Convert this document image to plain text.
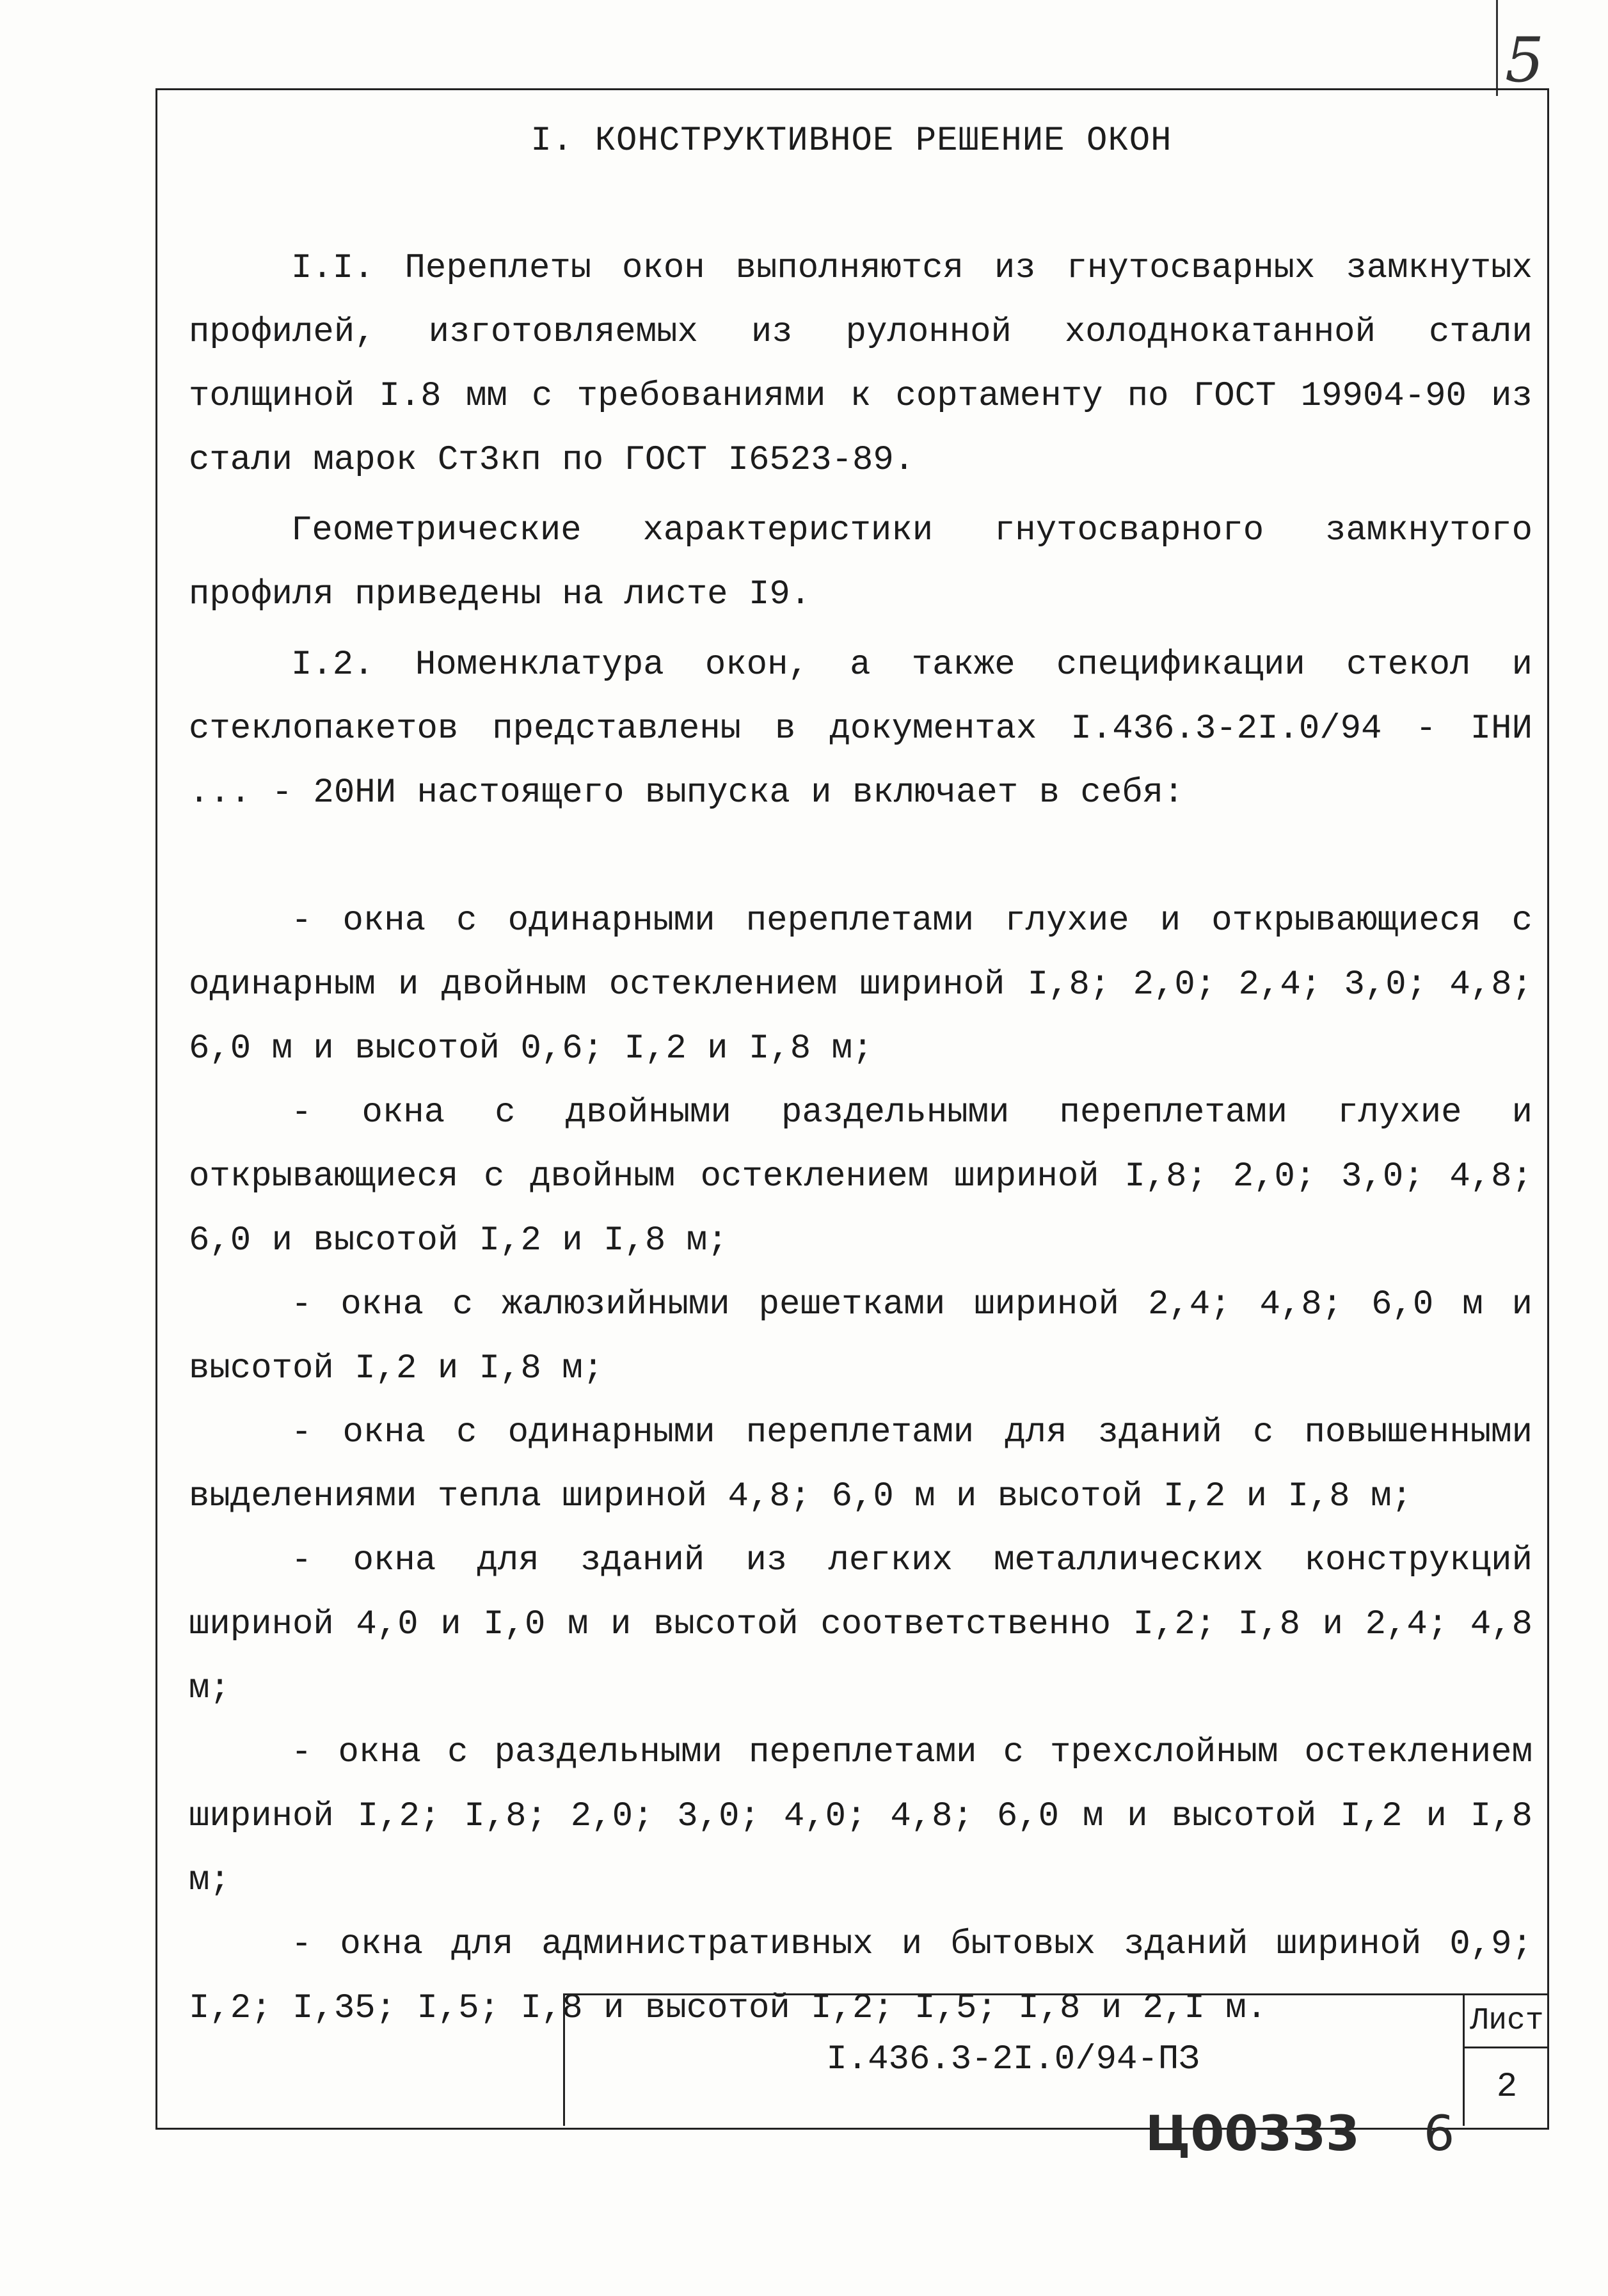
5
I. КОНСТРУКТИВНОЕ РЕШЕНИЕ ОКОН

I.I. Переплеты окон выполняются из гнутосварных замкнутых профилей, изготовляемых из рулонной холоднокатанной стали толщиной I.8 мм с требованиями к сортаменту по ГОСТ 19904-90 из стали марок Ст3кп по ГОСТ I6523-89.

Геометрические характеристики гнутосварного замкнутого профиля приведены на листе I9.

I.2. Номенклатура окон, а также спецификации стекол и стеклопакетов представлены в документах I.436.3-2I.0/94 - IНИ ... - 20НИ настоящего выпуска и включает в себя:

- окна с одинарными переплетами глухие и открывающиеся с одинарным и двойным остеклением шириной I,8; 2,0; 2,4; 3,0; 4,8; 6,0 м и высотой 0,6; I,2 и I,8 м;

- окна с двойными раздельными переплетами глухие и открывающиеся с двойным остеклением шириной I,8; 2,0; 3,0; 4,8; 6,0 и высотой I,2 и I,8 м;

- окна с жалюзийными решетками шириной 2,4; 4,8; 6,0 м и высотой I,2 и I,8 м;

- окна с одинарными переплетами для зданий с повышенными выделениями тепла шириной 4,8; 6,0 м и высотой I,2 и I,8 м;

- окна для зданий из легких металлических конструкций шириной 4,0 и I,0 м и высотой соответственно I,2; I,8 и 2,4; 4,8 м;

- окна с раздельными переплетами с трехслойным остеклением шириной I,2; I,8; 2,0; 3,0; 4,0; 4,8; 6,0 м и высотой I,2 и I,8 м;

- окна для административных и бытовых зданий шириной 0,9; I,2; I,35; I,5; I,8 и высотой I,2; I,5; I,8 и 2,I м.

I.436.3-2I.0/94-ПЗ
Лист
2
Ц00333 6
